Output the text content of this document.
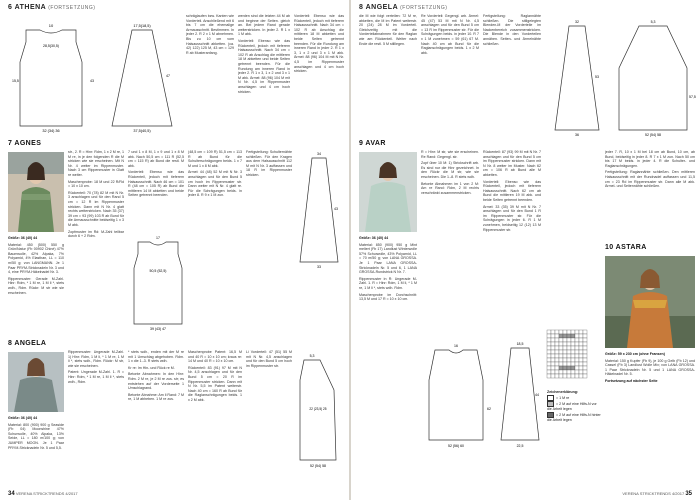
6 ATHENA (FORTSETZUNG)
10
28,5(30,5)
43
15,5
32 (34) 36
17,5(18,5)
47
37,5(40,5)

schräglaufen bzw. Kanten wie Vorderteil. Anschließend mit 6 bis 7 cm die ehemalige Armausschnitt. Bestimmen. In jeder 2. R 2 x 1 M abnehmen. Bis zu 10 cm vom Halsausschnitt abketten. (ca. 42) 122) 125 M, 43 cm = 129 R ab Musteranfang.

werden sind die letzten 44 M ab und beginne der Seiten. gleich an. Bei jedem Rand gerade weiterstricken. In jeder 2. R 1 x 1 M abk.

Vorderteil: Ebenso wie das Rückenteil, jedoch mit tieferem Halsausschnitt. Nach 34 cm = 102 R ab Anschlag die mittleren 18 M abketten und beide Seiten getrennt beenden. Für die Rundung am inneren Rand in jeder 2. R 1 x 3, 1 x 2 und 3 x 1 M abk. Ärmel: 88 (96) 104 M mit N Nr. 4,5 im Rippenmuster anschlagen und 4 cm hoch stricken.

Vorderteil: Ebenso wie das Rückenteil, jedoch mit tieferem Halsausschnitt. Nach 34 cm = 102 R ab Anschlag die mittleren 18 M abketten und beide Seiten getrennt beenden. Für die Rundung am inneren Rand in jeder 2. R 1 x 3, 1 x 2 und 3 x 1 M abk. Ärmel: 88 (96) 104 M mit N Nr. 4,5 im Rippenmuster anschlagen und 4 cm hoch stricken.

7 AGNES

Größe: 36 (40) 44

Material: 450 (500) 550 g Grün/Natur (Fb 00902 Chiné) 47% Baumwolle, 42% Alpaka, 7% Polyamid, 4% Elasthan, LL = 110 m/50 g; von LANGMANN. Je 1 Paar PRYM-Stricknadeln Nr. 3 und 4, eine PRYM-Häkelnadel Nr. 3.

Rippenmuster: Gerade M-Zahl. Hinr: Rdm, * 1 M re, 1 M li *, stets wdh., Rdm. Rückr: M str wie sie erscheinen.

str., 2. R = Hinr: Rdm, 1 x 2 M re, 1 M re, in je den folgenden R die M stricken wie sie erscheinen. Mit N Nr. 4 weiter im Rippenmuster. Nach 3 cm Rippenmuster in Glatt re weiter.

Maschenprobe: 18 M und 22 R/Rd = 10 x 10 cm.

Rückenteil: 70 (78) 82 M mit N Nr. 3 anschlagen und für den Rand 5 cm = 12 R im Rippenmuster stricken. Dann mit N Nr. 4 glatt rechts weiterstricken. Nach 35 (37) 39 cm = 93 (99) 103 R ab Bund für die Armausschnitte beidseitig 1 x 3 M abk.

Zopfmuster im Rd: M-Zahl teilbar durch 6 + 2 Rdm.

7 und 1 x 8 M, 1 x 9 und 1 x 8 M abk. Nach 50,5 cm = 111 R (52,5 cm = 115 R) ab Bund die restl. M abk.

Vorderteil: Ebenso wie das Rückenteil, jedoch mit tieferem Halsausschnitt. Nach 46 cm = 101 R (48 cm = 105 R) ab Bund die mittleren 14 M abketten und beide Seiten getrennt beenden.

17
50,5 (52,5)
39 (43) 47

(48,5 cm = 109 R) 51,5 cm = 113 R ab Bund für die Schulterschrägungen beids. 1 x 7 M und 1 x 8 M abk.

Ärmel: 44 (48) 52 M mit N Nr. 3 anschlagen und für den Bund 5 cm hoch im Rippenmuster str. Dann weiter mit N Nr. 4 glatt re. Für die Schrägungen beids. in jeder 8. R 9 x 1 M zun.

Fertigstellung: Schulternähte schließen. Für den Kragen aus dem Halsausschnitt 112 M mit N Nr. 3 auffassen und 18 R im Rippenmuster stricken.

34
43
33
8 ANGELA

Größe: 36 (40) 44

Material: 800 (900) 900 g Seaside (Fb 04) Moonshine 47% Schurwolle, 40% Alpaka, 13% Seide, LL = 180 m/100 g; von JUMPER MOON. Je 1 Paar PRYM-Stricknadeln Nr. 5 und 5,5.

Rippenmuster: Ungerade M-Zahl. 1) Hinr: Rdm, 1 M li, * 1 M re, 1 M li *, stets wdh., Rdm. Rückr: M str, wie sie erscheinen.

Patent: Ungerade M-Zahl. 1. R = Hinr: Rdm, * 1 M re, 1 M li *, stets wdh., Rdm.

* stets wdh., enden mit der M re mit 1 Umschlag abgehoben. Rdm. 1 x die 1.-3. R stets wdh.

Kr re: Im Hin- und Rück re M.

Betonte Abnahmen: In den Hinr: Rdm. 2 M re, je 2 M re zus. str; es entstehen auf der Vorderseite 1 Umschlagrand.

Betonte Abnahme: Am li Rand: 7 M re, 1 M abheben. 1 M re zus.

Maschenprobe Patent: 16,5 M und 40 R = 10 x 10 cm; kraus re: 14 M und 40 R = 10 x 10 cm.

Rückenteil: 83 (91) 97 M mit N Nr. 4,5 anschlagen und für den Bund 5 cm = 20 R im Rippenmuster stricken. Dann mit N Nr. 5,5 im Patent weiterstr. Nach 40 cm = 160 R ab Bund für die Raglanschrägungen beids. 1 x 2 M abk.

Li Vorderteil: 47 (51) 55 M mit N Nr. 4,5 anschlagen und für den Bund 5 cm hoch im Rippenmuster str.

5,3
22 (23,5) 25
52 (54) 58
34 VERENA STRICKTRENDS 4/2017
8 ANGELA (FORTSETZUNG)

die M wie folgt verteilen: 72 M re, abketten, die M im Patent weiterstr. 20 (24) 28 M im Vorderteil. Gleichzeitig mit die Vorderteilabnahmen für den Raglan wie am Rückenteil. Weiter nach Ende die restl. 5 M stilllegen.

Re Vorderteil: Gegengl. arb. Ärmel: 45 (47) 53 M mit N Nr. 4,5 anschlagen und für den Bund 5 cm = 13 R im Rippenmuster str. Für die Schrägungen beids. in jeder 10. R 7 x 1 M zunehmen = 59 (61) 67 M. Nach 40 cm ab Bund für die Raglanschrägungen beids. 1 x 2 M abk.

Fertigstellung: Raglannähte schließen. Die stillgelegten Blenden-M der Vorderteile im Nackenbereich zusammenstricken. Die Blende in den Vorderteilen annähen. Seiten- und Ärmelnähte schließen.

32
53
36
5,3
52 (54) 58
57,5
9 AVAR

Größe: 36 (40) 44

Material: 850 (900) 950 g Mint meliert (Fb 17) Landlust Winterwolle 57% Schurwolle, 43% Polyamid, LL = 70 m/50 g; von LANA GROSSA. Je 1 Paar LANA GROSSA-Stricknadeln Nr. 5 und 6, 1 LANA GROSSA-Rundstrick N Nr. 7.

Rippenmuster in R: Ungerade M-Zahl. 1. R = Hinr: Rdm, 1 M li, * 1 M re, 1 M li *, stets wdh. Rdm.

Maschenprobe im Dorchschnitt: 13,5 M und 17 R = 10 x 10 cm.

R = Hinr: M str, wie sie erscheinen. Re Rand: Gegengl. str.

Zopf über 10 M: 1) Strickschrift arb. Es sind nur die Hinr gezeichnet. In den Rückr die M str, wie sie erscheinen. Die 1.-8. R stets wdh.

Betonte Abnahmen im 1 von 2 M: Am re Rand: Rdm, 2 M rechts verschränkt zusammenstricken.

Rückenteil: 87 (93) 99 M mit N Nr. 7 anschlagen und für den Bund 5 cm im Rippenmuster stricken. Dann mit N Nr. 8 weiter im Muster. Nach 62 cm = 106 R ab Bund alle M abketten.

Vorderteil: Ebenso wie das Rückenteil, jedoch mit tieferem Halsausschnitt. Nach 62 cm ab Bund die mittleren 19 M abk. und beide Seiten getrennt beenden.

Ärmel: 33 (35) 39 M mit N Nr. 7 anschlagen und für den Bund 1 R im Rippenmuster str. Für die Schrägungen in jeder 6. R 1 M zunehmen, beidseitig 12 (12) 13 M Rippenmuster str.

16
62
52 (56) 60
18,5
44
22,5
Zeichenerklärung:
= 1 M re
= 2 M auf eine Hilfs-N vor die Arbeit legen
= 2 M auf eine Hilfs-N hinter die Arbeit legen

jeder 7. R, 10 x 1 M bei 18 cm ab Bund, 10 cm, ab Bund, beidseitig in jeder 8. R 7 x 1 M zun. Nach 50 cm bis 17 M beids. in jeder 4. R die Schulter- und Raglanschrägungen.

Fertigstellung: Raglannähte schließen. Den mittleren Halsausschnitt mit der Rundnadel auffassen und 11,5 cm = 23 Rd im Rippenmuster str. Dann alle M abk. Ärmel- und Seitennähte schließen.

10 ASTARA

Größe: 59 x 230 cm (ohne Fransen)

Material: 150 g Kupfer (Fb 9), je 100 g Gelb (Fb 12) und Cassel (Fb 3) Landlust Wolle Mix; von LANA GROSSA. 1 Paar Stricknadeln Nr. 5 und 1 LANA GROSSA-Häkelnadel Nr. 5.

Fortsetzung auf nächster Seite

VERENA STRICKTRENDS 4/2017 35
